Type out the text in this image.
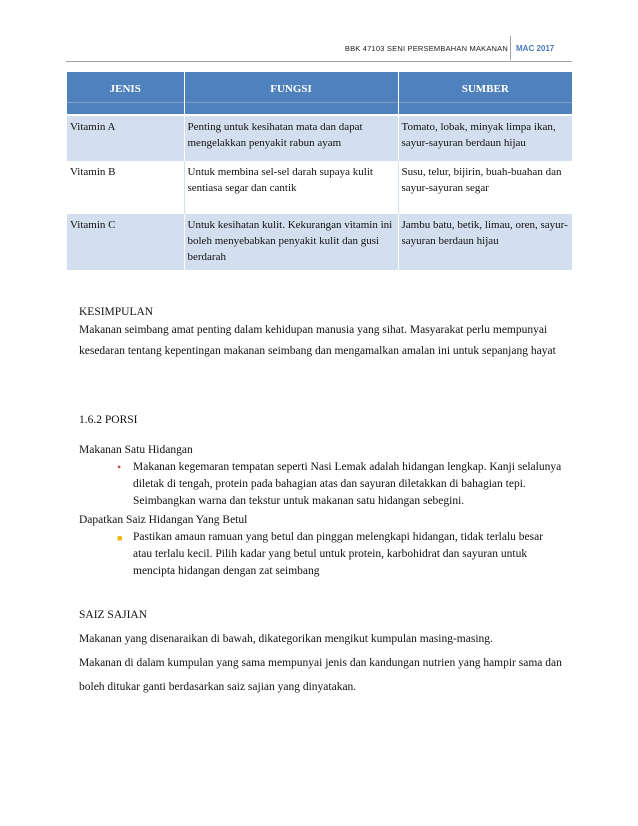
BBK 47103 SENI PERSEMBAHAN MAKANAN MAC 2017
JENIS	FUNGSI	SUMBER

Vitamin A	Penting untuk kesihatan mata dan dapat mengelakkan penyakit rabun ayam	Tomato, lobak, minyak limpa ikan, sayur-sayuran berdaun hijau
Vitamin B	Untuk membina sel-sel darah supaya kulit sentiasa segar dan cantik	Susu, telur, bijirin, buah-buahan dan sayur-sayuran segar
Vitamin C	Untuk kesihatan kulit. Kekurangan vitamin ini boleh menyebabkan penyakit kulit dan gusi berdarah	Jambu batu, betik, limau, oren, sayur-sayuran berdaun hijau
KESIMPULAN
Makanan seimbang amat penting dalam kehidupan manusia yang sihat. Masyarakat perlu mempunyai kesedaran tentang kepentingan makanan seimbang dan mengamalkan amalan ini untuk sepanjang hayat
1.6.2 PORSI
Makanan Satu Hidangan
• Makanan kegemaran tempatan seperti Nasi Lemak adalah hidangan lengkap. Kanji selalunya diletak di tengah, protein pada bahagian atas dan sayuran diletakkan di bahagian tepi. Seimbangkan warna dan tekstur untuk makanan satu hidangan sebegini.
Dapatkan Saiz Hidangan Yang Betul
■ Pastikan amaun ramuan yang betul dan pinggan melengkapi hidangan, tidak terlalu besar atau terlalu kecil. Pilih kadar yang betul untuk protein, karbohidrat dan sayuran untuk mencipta hidangan dengan zat seimbang
SAIZ SAJIAN
Makanan yang disenaraikan di bawah, dikategorikan mengikut kumpulan masing-masing.
Makanan di dalam kumpulan yang sama mempunyai jenis dan kandungan nutrien yang hampir sama dan boleh ditukar ganti berdasarkan saiz sajian yang dinyatakan.
